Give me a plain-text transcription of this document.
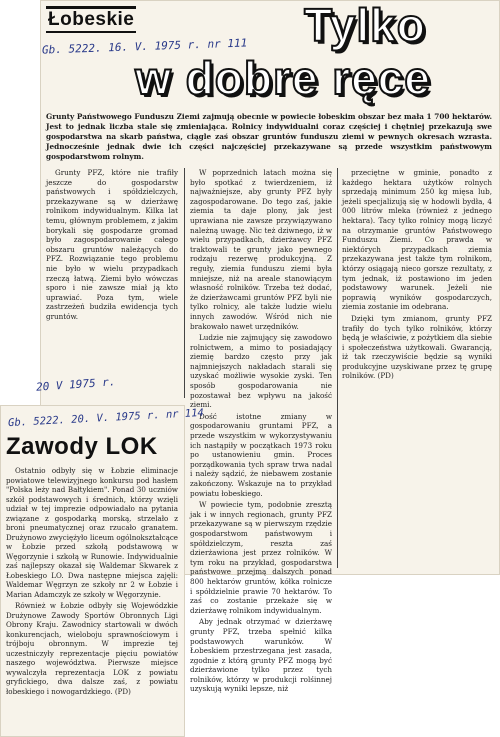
Łobeskie
Gb. 5222. 16. V. 1975 r. nr 111	Tylko
w dobre ręce
Grunty Państwowego Funduszu Ziemi zajmują obecnie w powiecie łobeskim obszar bez mała 1 700 hektarów. Jest to jednak liczba stale się zmieniająca. Rolnicy indywidualni coraz częściej i chętniej przekazują swe gospodarstwa na skarb państwa, ciągle zaś obszar gruntów funduszu ziemi w pewnych okresach wzrasta. Jednocześnie jednak dwie ich części najczęściej przekazywane są przede wszystkim państwowym gospodarstwom rolnym.

Grunty PFZ, które nie trafiły jeszcze do gospodarstw państwowych i spółdzielczych, przekazywane są w dzierżawę rolnikom indywidualnym. Kilka lat temu, głównym problemem, z jakim borykali się gospodarze gromad było zagospodarowanie całego obszaru gruntów należących do PFZ. Rozwiązanie tego problemu nie było w wielu przypadkach rzeczą łatwą. Ziemi było wówczas sporo i nie zawsze miał ją kto uprawiać. Poza tym, wiele zastrzeżeń budziła ewidencja tych gruntów.

W poprzednich latach można się było spotkać z twierdzeniem, iż najważniejsze, aby grunty PFZ były zagospodarowane. Do tego zaś, jakie ziemia ta daje plony, jak jest uprawiana nie zawsze przywiązywano należną uwagę. Nic też dziwnego, iż w wielu przypadkach, dzierżawcy PFZ traktowali te grunty jako pewnego rodzaju rezerwę produkcyjną. Z reguły, ziemia funduszu ziemi była mniejsze, niż na areale stanowiącym własność rolników. Trzeba też dodać, że dzierżawcami gruntów PFZ byli nie tylko rolnicy, ale także ludzie wielu innych zawodów. Wśród nich nie brakowało nawet urzędników.

Ludzie nie zajmujący się zawodowo rolnictwem, a mimo to posiadający ziemię bardzo często przy jak najmniejszych nakładach starali się uzyskać możliwie wysokie zyski. Ten sposób gospodarowania nie pozostawał bez wpływu na jakość ziemi.

Dość istotne zmiany w gospodarowaniu gruntami PFZ, a przede wszystkim w wykorzystywaniu ich nastąpiły w początkach 1973 roku po ustanowieniu gmin. Proces porządkowania tych spraw trwa nadal i należy sądzić, że niebawem zostanie zakończony. Wskazuje na to przykład powiatu łobeskiego.

W powiecie tym, podobnie zresztą jak i w innych regionach, grunty PFZ przekazywane są w pierwszym rzędzie gospodarstwom państwowym i spółdzielczym, reszta zaś dzierżawiona jest przez rolników. W tym roku na przykład, gospodarstwa państwowe przejmą dalszych ponad 800 hektarów gruntów, kółka rolnicze i spółdzielnie prawie 70 hektarów. To zaś co zostanie przekaże się w dzierżawę rolnikom indywidualnym.

Aby jednak otrzymać w dzierżawę grunty PFZ, trzeba spełnić kilka podstawowych warunków. W Łobeskiem przestrzegana jest zasada, zgodnie z którą grunty PFZ mogą być dzierżawione tylko przez tych rolników, którzy w produkcji rolśinnej uzyskują wyniki lepsze, niż

przeciętne w gminie, ponadto z każdego hektara użytków rolnych sprzedają minimum 250 kg mięsa lub, jeżeli specjalizują się w hodowli bydła, 4 000 litrów mleka (również z jednego hektara). Tacy tylko rolnicy mogą liczyć na otrzymanie gruntów Państwowego Funduszu Ziemi. Co prawda w niektórych przypadkach ziemia przekazywana jest także tym rolnikom, którzy osiągają nieco gorsze rezultaty, z tym jednak, iż postawiono im jeden podstawowy warunek. Jeżeli nie poprawią wyników gospodarczych, ziemia zostanie im odebrana.

Dzięki tym zmianom, grunty PFZ trafiły do tych tylko rolników, którzy będą je właściwie, z pożytkiem dla siebie i społeczeństwa użytkowali. Gwarancją, iż tak rzeczywiście będzie są wyniki produkcyjne uzyskiwane przez tę grupę rolników. (PD)

20 V 1975 r.
Gb. 5222. 20. V. 1975 r. nr 114
Zawody LOK

Ostatnio odbyły się w Łobzie eliminacje powiatowe telewizyjnego konkursu pod hasłem "Polska leży nad Bałtykiem". Ponad 30 uczniów szkół podstawowych i średnich, którzy wzięli udział w tej imprezie odpowiadało na pytania związane z gospodarką morską, strzelało z broni pneumatycznej oraz rzucało granatem. Drużynowo zwyciężyło liceum ogólnokształcące w Łobzie przed szkołą podstawową w Węgorzynie i szkołą w Runowie. Indywidualnie zaś najlepszy okazał się Waldemar Skwarek z Łobeskiego LO. Dwa następne miejsca zajęli: Waldemar Węgrzyn ze szkoły nr 2 w Łobzie i Marian Adamczyk ze szkoły w Węgorzynie.

Również w Łobzie odbyły się Wojewódzkie Drużynowe Zawody Sportów Obronnych Ligi Obrony Kraju. Zawodnicy startowali w dwóch konkurencjach, wieloboju sprawnościowym i trójboju obronnym. W imprezie tej uczestniczyły reprezentacje pięciu powiatów naszego województwa. Pierwsze miejsce wywalczyła reprezentacja LOK z powiatu gryfickiego, dwa dalsze zaś, z powiatu łobeskiego i nowogardzkiego. (PD)
